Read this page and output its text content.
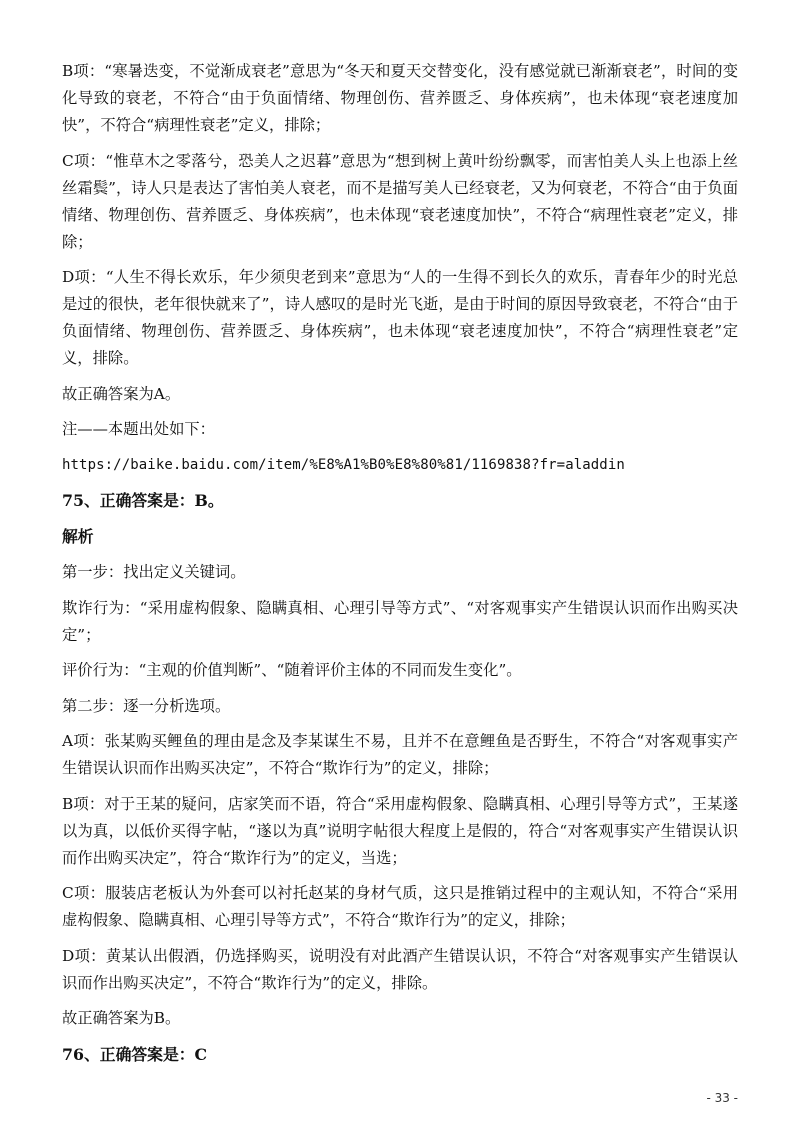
B项：“寒暑迭变，不觉渐成衰老”意思为“冬天和夏天交替变化，没有感觉就已渐渐衰老”，时间的变化导致的衰老，不符合“由于负面情绪、物理创伤、营养匮乏、身体疾病”，也未体现“衰老速度加快”，不符合“病理性衰老”定义，排除；

C项：“惟草木之零落兮，恐美人之迟暮”意思为“想到树上黄叶纷纷飘零，而害怕美人头上也添上丝丝霜鬓”，诗人只是表达了害怕美人衰老，而不是描写美人已经衰老，又为何衰老，不符合“由于负面情绪、物理创伤、营养匮乏、身体疾病”，也未体现“衰老速度加快”，不符合“病理性衰老”定义，排除；

D项：“人生不得长欢乐，年少须臾老到来”意思为“人的一生得不到长久的欢乐，青春年少的时光总是过的很快，老年很快就来了”，诗人感叹的是时光飞逝，是由于时间的原因导致衰老，不符合“由于负面情绪、物理创伤、营养匮乏、身体疾病”，也未体现“衰老速度加快”，不符合“病理性衰老”定义，排除。

故正确答案为A。

注——本题出处如下：

https://baike.baidu.com/item/%E8%A1%B0%E8%80%81/1169838?fr=aladdin

75、正确答案是：B。

解析

第一步：找出定义关键词。

欺诈行为：“采用虚构假象、隐瞒真相、心理引导等方式”、“对客观事实产生错误认识而作出购买决定”；

评价行为：“主观的价值判断”、“随着评价主体的不同而发生变化”。

第二步：逐一分析选项。

A项：张某购买鲤鱼的理由是念及李某谋生不易，且并不在意鲤鱼是否野生，不符合“对客观事实产生错误认识而作出购买决定”，不符合“欺诈行为”的定义，排除；

B项：对于王某的疑问，店家笑而不语，符合“采用虚构假象、隐瞒真相、心理引导等方式”，王某遂以为真，以低价买得字帖，“遂以为真”说明字帖很大程度上是假的，符合“对客观事实产生错误认识而作出购买决定”，符合“欺诈行为”的定义，当选；

C项：服装店老板认为外套可以衬托赵某的身材气质，这只是推销过程中的主观认知，不符合“采用虚构假象、隐瞒真相、心理引导等方式”，不符合“欺诈行为”的定义，排除；

D项：黄某认出假酒，仍选择购买，说明没有对此酒产生错误认识，不符合“对客观事实产生错误认识而作出购买决定”，不符合“欺诈行为”的定义，排除。

故正确答案为B。

76、正确答案是：C

- 33 -
